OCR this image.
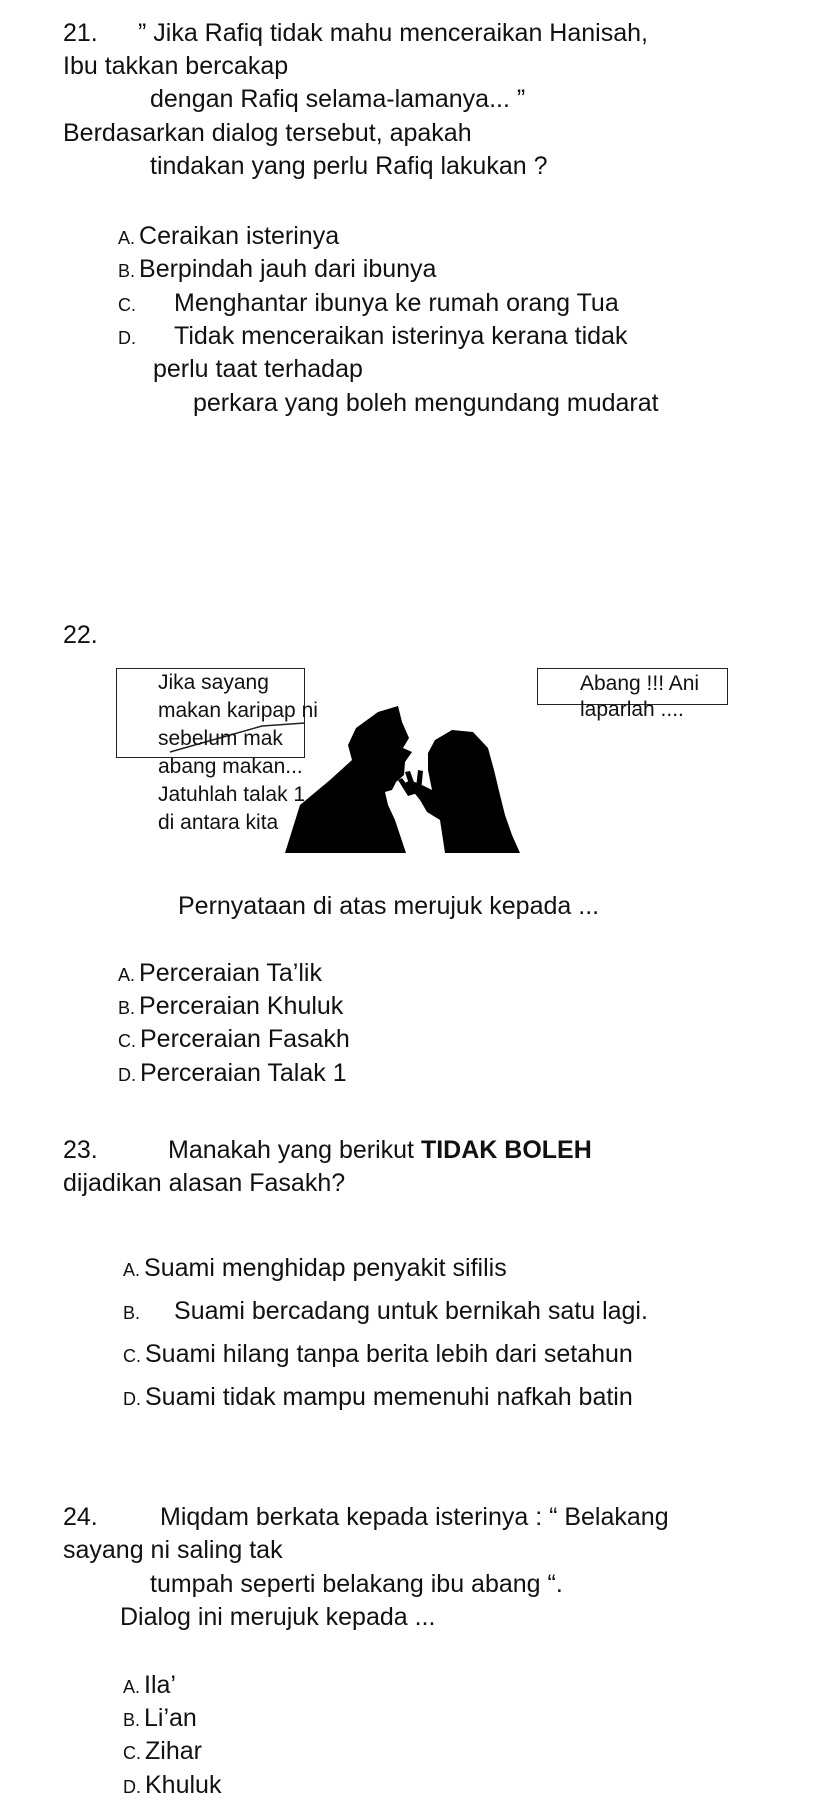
21. ” Jika Rafiq tidak mahu menceraikan Hanisah,
Ibu takkan bercakap
dengan Rafiq selama-lamanya... ”
Berdasarkan dialog tersebut, apakah
tindakan yang perlu Rafiq lakukan ?
A. Ceraikan isterinya
B. Berpindah jauh dari ibunya
C. Menghantar ibunya ke rumah orang Tua
D. Tidak menceraikan isterinya kerana tidak
perlu taat terhadap
perkara yang boleh mengundang mudarat
22.
Jika sayang
makan karipap ni
sebelum mak
abang makan...
Jatuhlah talak 1
di antara kita
Abang !!! Ani
laparlah ....
Pernyataan di atas merujuk kepada ...
A. Perceraian Ta’lik
B. Perceraian Khuluk
C. Perceraian Fasakh
D. Perceraian Talak 1
23.	Manakah yang berikut TIDAK BOLEH
dijadikan alasan Fasakh?
A. Suami menghidap penyakit sifilis
B. Suami bercadang untuk bernikah satu lagi.
C. Suami hilang tanpa berita lebih dari setahun
D. Suami tidak mampu memenuhi nafkah batin
24. Miqdam berkata kepada isterinya : “ Belakang
sayang ni saling tak
tumpah seperti belakang ibu abang “.
Dialog ini merujuk kepada ...
A. Ila’
B. Li’an
C. Zihar
D. Khuluk
